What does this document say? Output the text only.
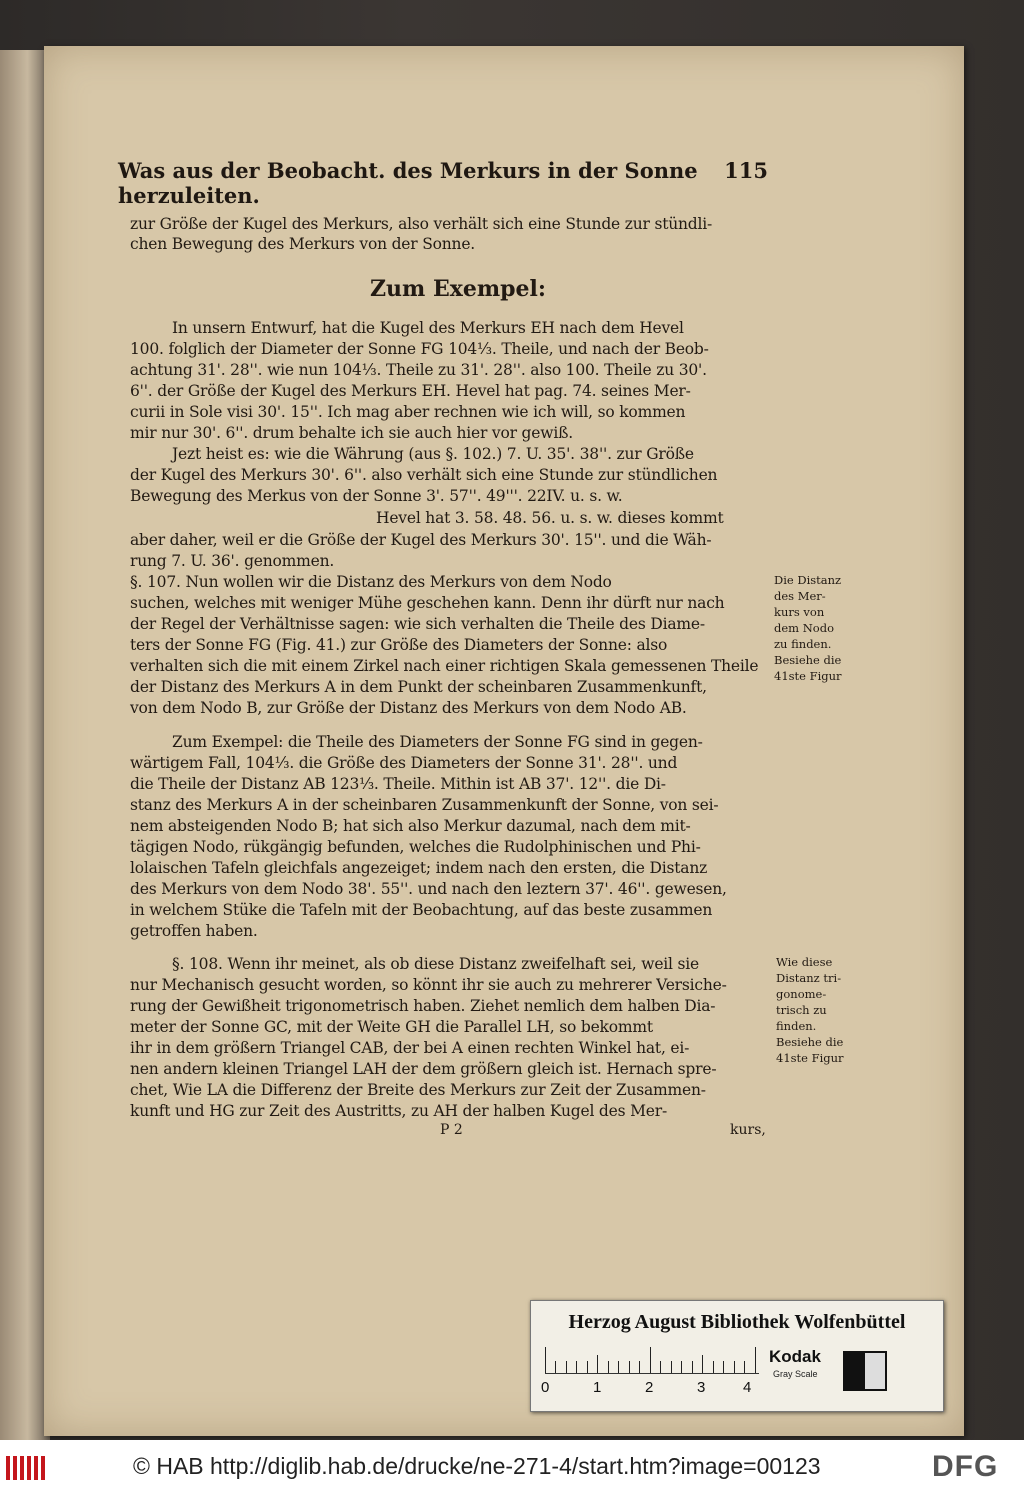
Was aus der Beobacht. des Merkurs in der Sonne herzuleiten.
115
zur Größe der Kugel des Merkurs, also verhält sich eine Stunde zur stündli-
chen Bewegung des Merkurs von der Sonne.
Zum Exempel:
In unsern Entwurf, hat die Kugel des Merkurs EH nach dem Hevel
100. folglich der Diameter der Sonne FG 104⅓. Theile, und nach der Beob-
achtung 31'. 28''. wie nun 104⅓. Theile zu 31'. 28''. also 100. Theile zu 30'.
6''. der Größe der Kugel des Merkurs EH. Hevel hat pag. 74. seines Mer-
curii in Sole visi 30'. 15''. Ich mag aber rechnen wie ich will, so kommen
mir nur 30'. 6''. drum behalte ich sie auch hier vor gewiß.
Jezt heist es: wie die Währung (aus §. 102.) 7. U. 35'. 38''. zur Größe
der Kugel des Merkurs 30'. 6''. also verhält sich eine Stunde zur stündlichen
Bewegung des Merkus von der Sonne 3'. 57''. 49'''. 22IV. u. s. w.
Hevel hat 3. 58. 48. 56. u. s. w. dieses kommt
aber daher, weil er die Größe der Kugel des Merkurs 30'. 15''. und die Wäh-
rung 7. U. 36'. genommen.
§. 107. Nun wollen wir die Distanz des Merkurs von dem Nodo
suchen, welches mit weniger Mühe geschehen kann. Denn ihr dürft nur nach
der Regel der Verhältnisse sagen: wie sich verhalten die Theile des Diame-
ters der Sonne FG (Fig. 41.) zur Größe des Diameters der Sonne: also
verhalten sich die mit einem Zirkel nach einer richtigen Skala gemessenen Theile
der Distanz des Merkurs A in dem Punkt der scheinbaren Zusammenkunft,
von dem Nodo B, zur Größe der Distanz des Merkurs von dem Nodo AB.
Die Distanz
des Mer-
kurs von
dem Nodo
zu finden.
Besiehe die
41ste Figur
Zum Exempel: die Theile des Diameters der Sonne FG sind in gegen-
wärtigem Fall, 104⅓. die Größe des Diameters der Sonne 31'. 28''. und
die Theile der Distanz AB 123⅓. Theile. Mithin ist AB 37'. 12''. die Di-
stanz des Merkurs A in der scheinbaren Zusammenkunft der Sonne, von sei-
nem absteigenden Nodo B; hat sich also Merkur dazumal, nach dem mit-
tägigen Nodo, rükgängig befunden, welches die Rudolphinischen und Phi-
lolaischen Tafeln gleichfals angezeiget; indem nach den ersten, die Distanz
des Merkurs von dem Nodo 38'. 55''. und nach den leztern 37'. 46''. gewesen,
in welchem Stüke die Tafeln mit der Beobachtung, auf das beste zusammen
getroffen haben.
§. 108. Wenn ihr meinet, als ob diese Distanz zweifelhaft sei, weil sie
nur Mechanisch gesucht worden, so könnt ihr sie auch zu mehrerer Versiche-
rung der Gewißheit trigonometrisch haben. Ziehet nemlich dem halben Dia-
meter der Sonne GC, mit der Weite GH die Parallel LH, so bekommt
ihr in dem größern Triangel CAB, der bei A einen rechten Winkel hat, ei-
nen andern kleinen Triangel LAH der dem größern gleich ist. Hernach spre-
chet, Wie LA die Differenz der Breite des Merkurs zur Zeit der Zusammen-
kunft und HG zur Zeit des Austritts, zu AH der halben Kugel des Mer-
Wie diese
Distanz tri-
gonome-
trisch zu
finden.
Besiehe die
41ste Figur
P 2	kurs,
Herzog August Bibliothek Wolfenbüttel
0	1	2	3	4
Kodak
Gray Scale
© HAB http://diglib.hab.de/drucke/ne-271-4/start.htm?image=00123	DFG
